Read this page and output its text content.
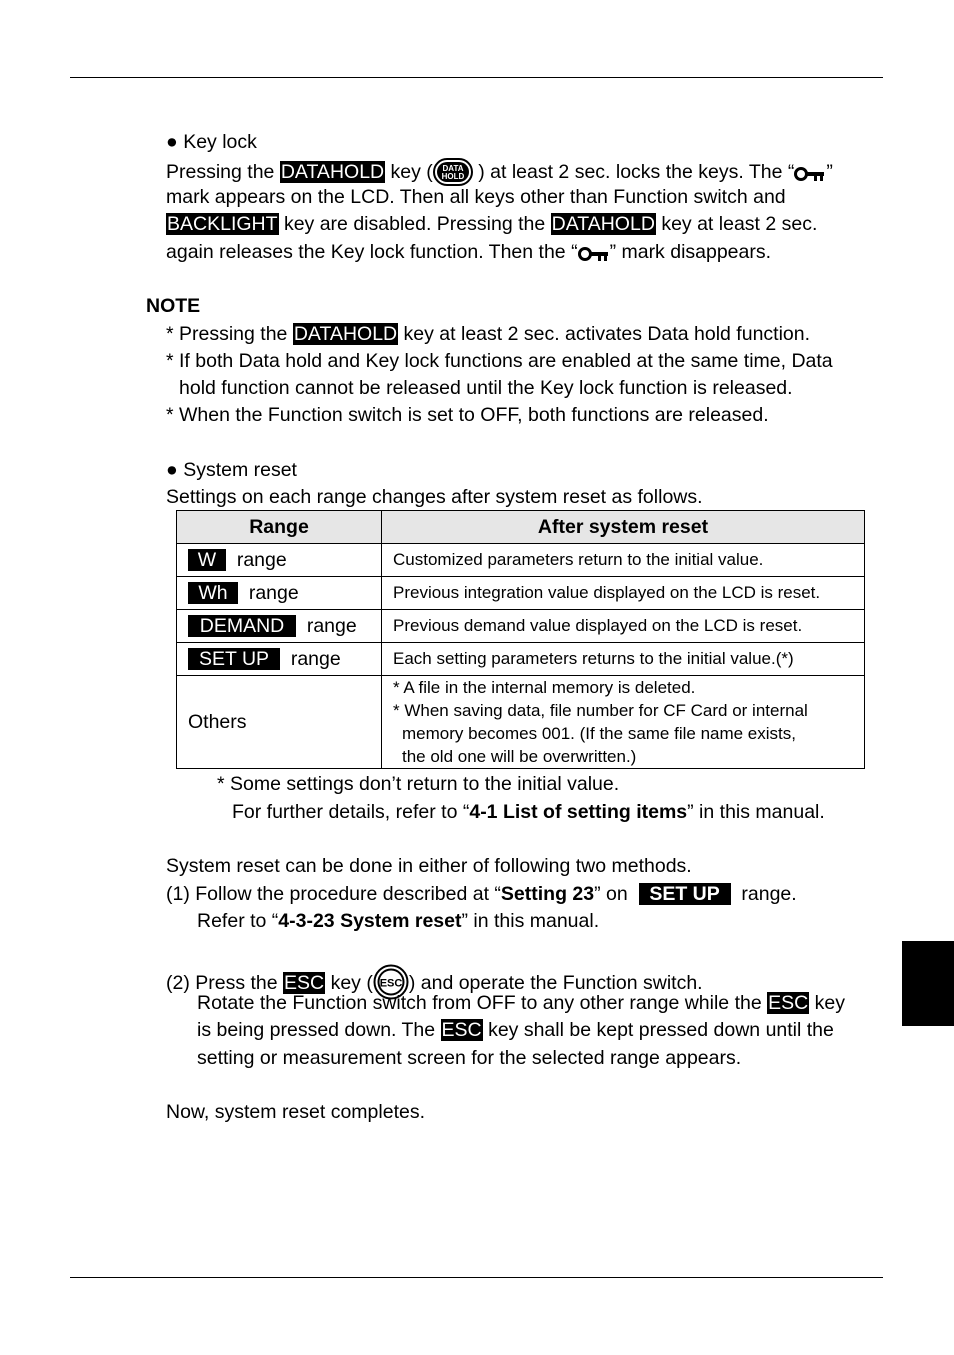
● Key lock
Pressing the DATAHOLD key ( DATA
HOLD ) at least 2 sec. locks the keys. The “ ”
mark appears on the LCD. Then all keys other than Function switch and
BACKLIGHT key are disabled. Pressing the DATAHOLD key at least 2 sec.
again releases the Key lock function. Then the “ ” mark disappears.
NOTE
* Pressing the DATAHOLD key at least 2 sec. activates Data hold function.
* If both Data hold and Key lock functions are enabled at the same time, Data
hold function cannot be released until the Key lock function is released.
* When the Function switch is set to OFF, both functions are released.
● System reset
Settings on each range changes after system reset as follows.
Range	After system reset
W range	Customized parameters return to the initial value.
Wh range	Previous integration value displayed on the LCD is reset.
DEMAND range	Previous demand value displayed on the LCD is reset.
SET UP range	Each setting parameters returns to the initial value.(*)
Others	* A file in the internal memory is deleted.
* When saving data, file number for CF Card or internal
memory becomes 001. (If the same file name exists,
the old one will be overwritten.)
* Some settings don’t return to the initial value.
For further details, refer to “4-1 List of setting items” in this manual.
System reset can be done in either of following two methods.
(1) Follow the procedure described at “Setting 23” on SET UP range.
Refer to “4-3-23 System reset” in this manual.
(2) Press the ESC key ( ESC ) and operate the Function switch.
Rotate the Function switch from OFF to any other range while the ESC key
is being pressed down. The ESC key shall be kept pressed down until the
setting or measurement screen for the selected range appears.
Now, system reset completes.
